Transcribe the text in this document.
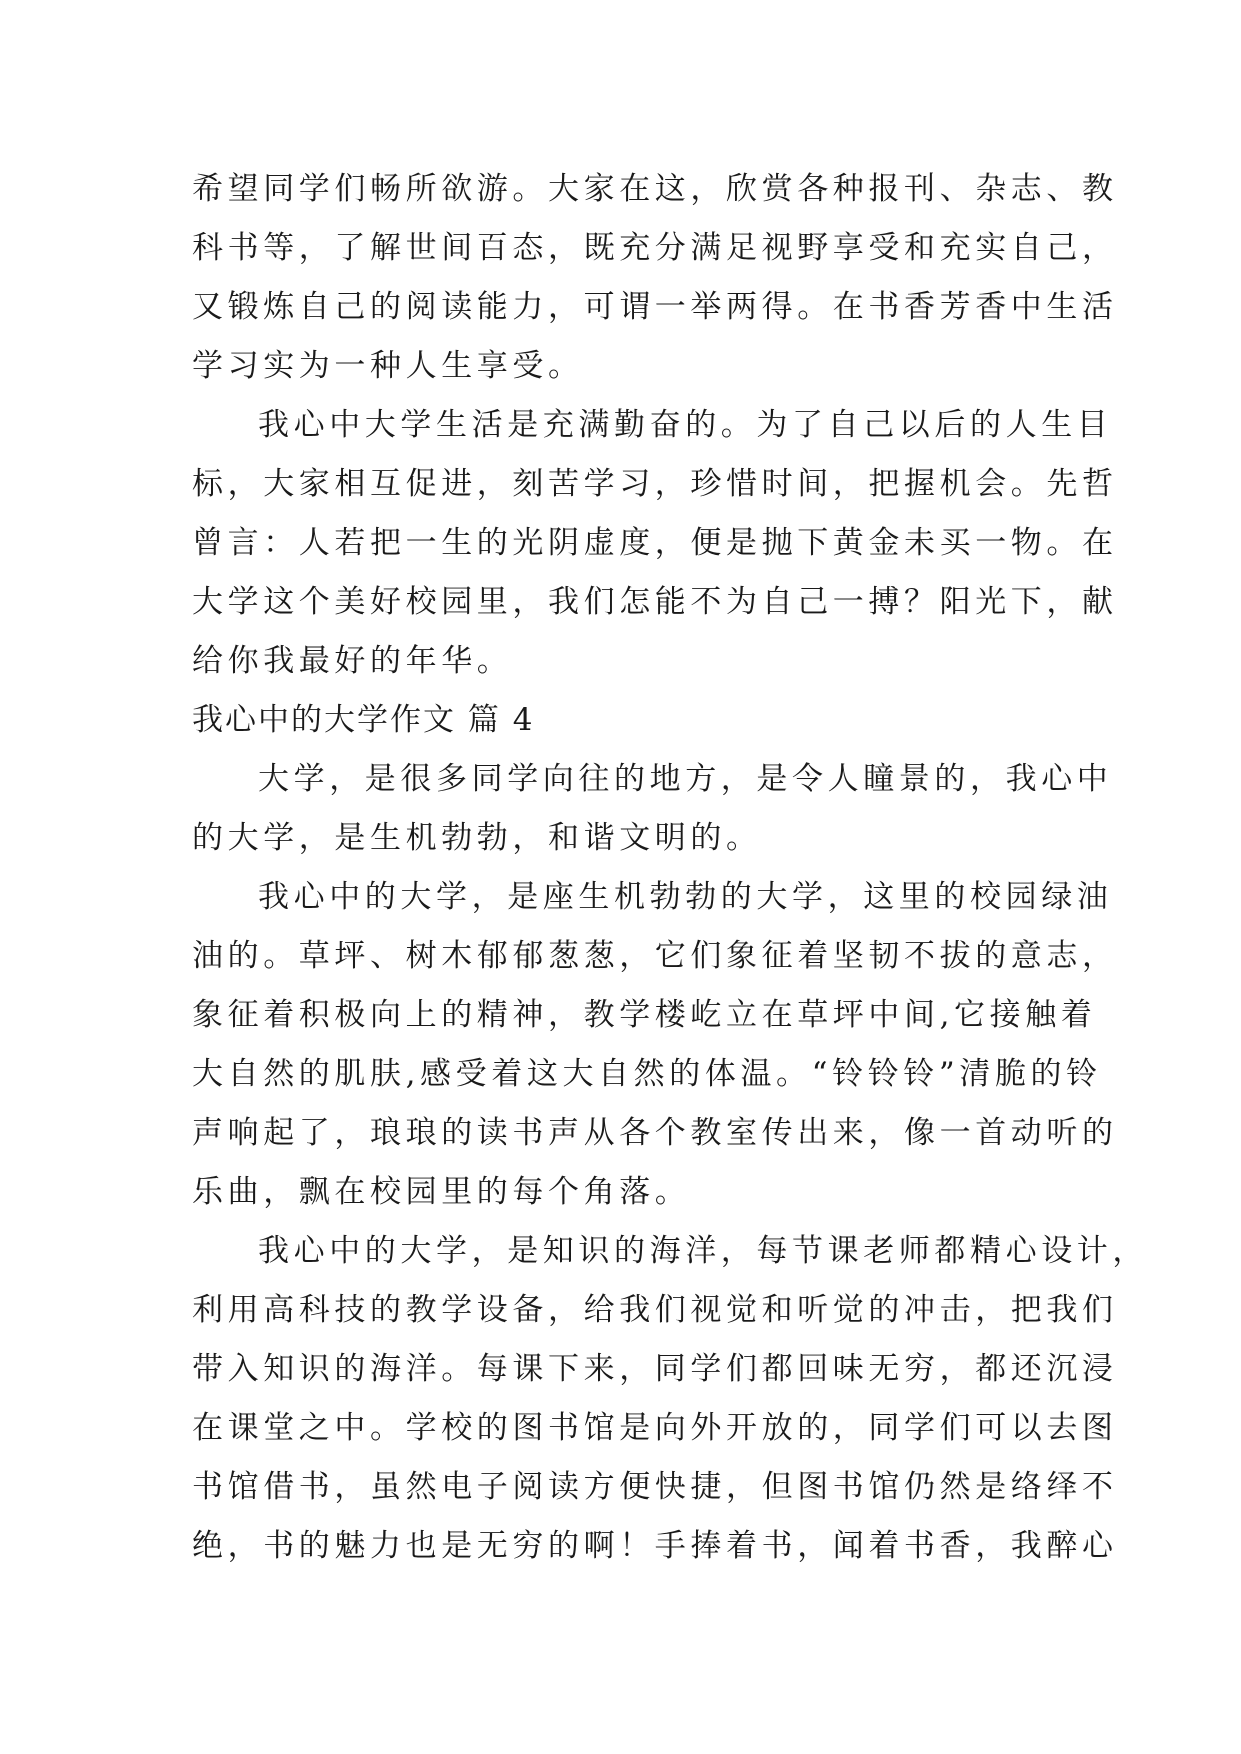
希望同学们畅所欲游。大家在这，欣赏各种报刊、杂志、教
科书等，了解世间百态，既充分满足视野享受和充实自己，
又锻炼自己的阅读能力，可谓一举两得。在书香芳香中生活
学习实为一种人生享受。
我心中大学生活是充满勤奋的。为了自己以后的人生目
标，大家相互促进，刻苦学习，珍惜时间，把握机会。先哲
曾言：人若把一生的光阴虚度，便是抛下黄金未买一物。在
大学这个美好校园里，我们怎能不为自己一搏？阳光下，献
给你我最好的年华。
我心中的大学作文 篇 4
大学，是很多同学向往的地方，是令人瞳景的，我心中
的大学，是生机勃勃，和谐文明的。
我心中的大学，是座生机勃勃的大学，这里的校园绿油
油的。草坪、树木郁郁葱葱，它们象征着坚韧不拔的意志，
象征着积极向上的精神，教学楼屹立在草坪中间,它接触着
大自然的肌肤,感受着这大自然的体温。“铃铃铃”清脆的铃
声响起了，琅琅的读书声从各个教室传出来，像一首动听的
乐曲，飘在校园里的每个角落。
我心中的大学，是知识的海洋，每节课老师都精心设计，
利用高科技的教学设备，给我们视觉和听觉的冲击，把我们
带入知识的海洋。每课下来，同学们都回味无穷，都还沉浸
在课堂之中。学校的图书馆是向外开放的，同学们可以去图
书馆借书，虽然电子阅读方便快捷，但图书馆仍然是络绎不
绝，书的魅力也是无穷的啊！手捧着书，闻着书香，我醉心
